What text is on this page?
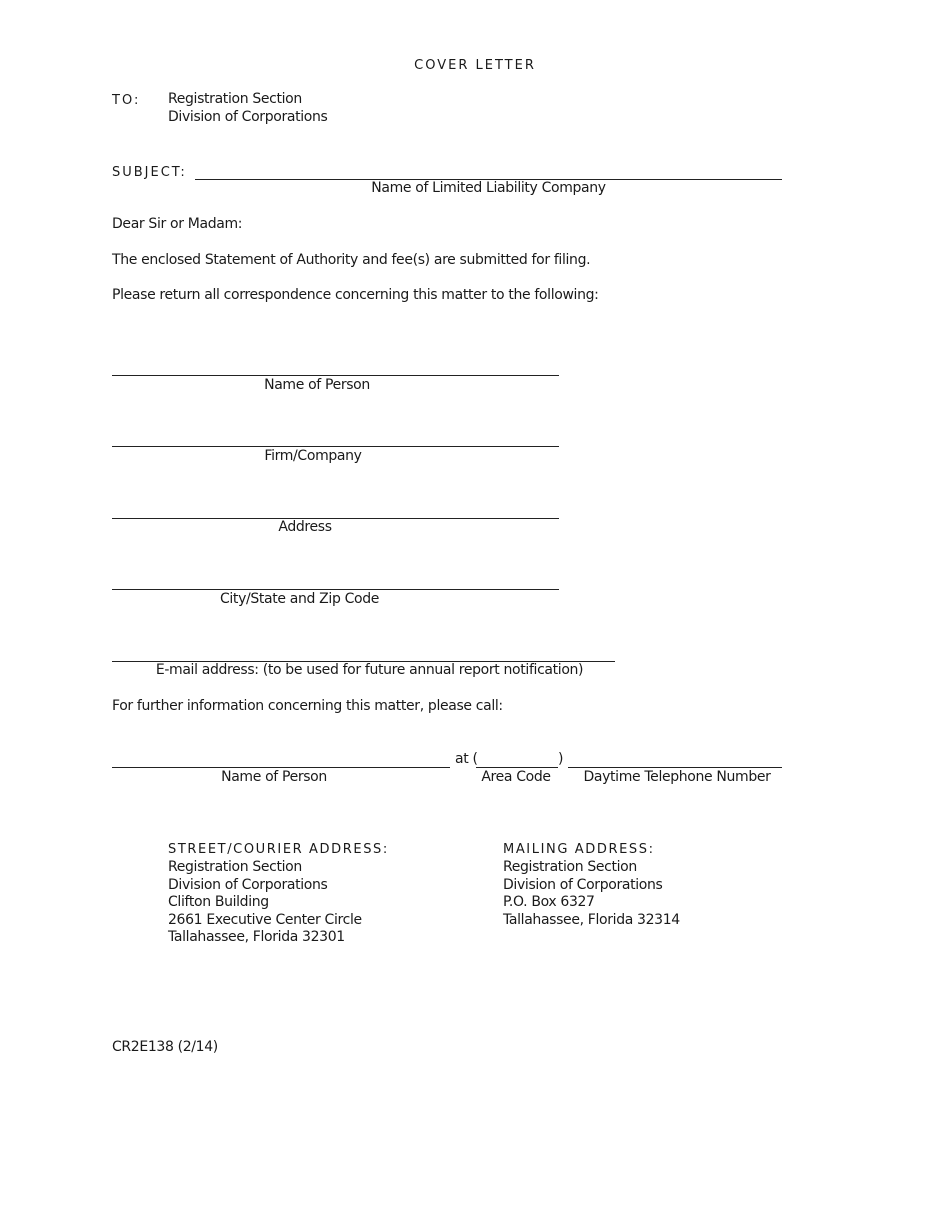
COVER LETTER
TO: Registration Section
Division of Corporations
SUBJECT:
Name of Limited Liability Company
Dear Sir or Madam:
The enclosed Statement of Authority and fee(s) are submitted for filing.
Please return all correspondence concerning this matter to the following:
Name of Person
Firm/Company
Address
City/State and Zip Code
E-mail address: (to be used for future annual report notification)
For further information concerning this matter, please call:
at (	)
Name of Person	Area Code	Daytime Telephone Number
STREET/COURIER ADDRESS:
Registration Section
Division of Corporations
Clifton Building
2661 Executive Center Circle
Tallahassee, Florida 32301
MAILING ADDRESS:
Registration Section
Division of Corporations
P.O. Box 6327
Tallahassee, Florida 32314
CR2E138 (2/14)
